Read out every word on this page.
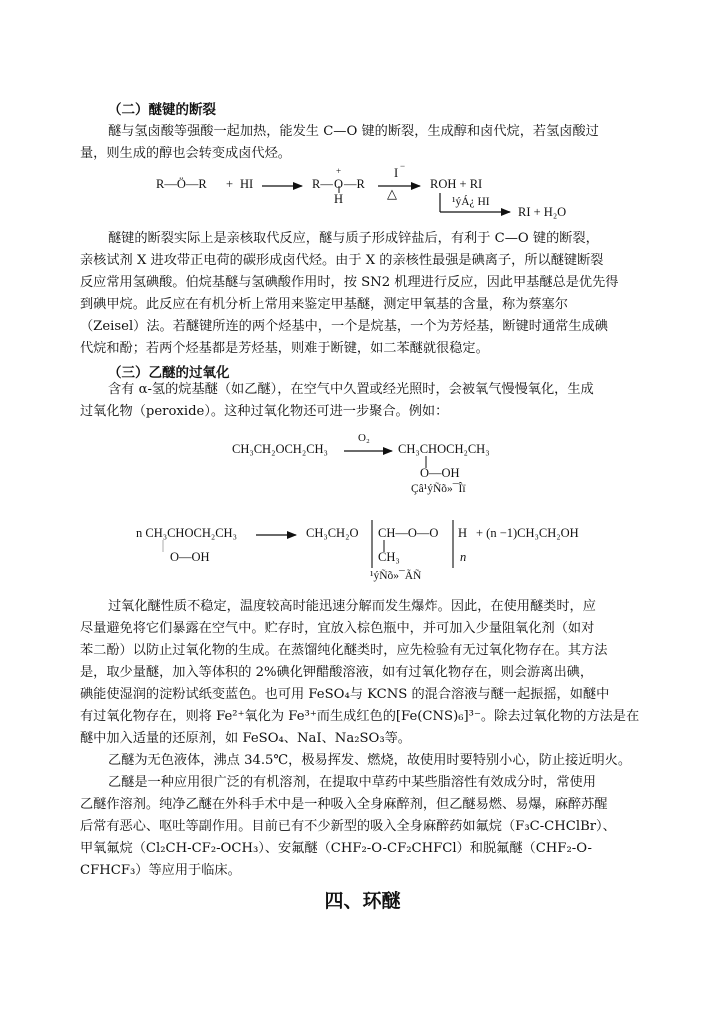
（二）醚键的断裂

醚与氢卤酸等强酸一起加热，能发生 C—O 键的断裂，生成醇和卤代烷，若氢卤酸过

量，则生成的醇也会转变成卤代烃。

R—Ö—R + HI	R— O —R
+
H
I −
△
ROH + RI
¹ýÁ¿ HI
RI + H₂O

醚键的断裂实际上是亲核取代反应，醚与质子形成锌盐后，有利于 C—O 键的断裂，

亲核试剂 X 进攻带正电荷的碳形成卤代烃。由于 X 的亲核性最强是碘离子，所以醚键断裂

反应常用氢碘酸。伯烷基醚与氢碘酸作用时，按 SN2 机理进行反应，因此甲基醚总是优先得

到碘甲烷。此反应在有机分析上常用来鉴定甲基醚，测定甲氧基的含量，称为蔡塞尔

（Zeisel）法。若醚键所连的两个烃基中，一个是烷基，一个为芳烃基，断键时通常生成碘

代烷和酚；若两个烃基都是芳烃基，则难于断键，如二苯醚就很稳定。

（三）乙醚的过氧化

含有 α-氢的烷基醚（如乙醚），在空气中久置或经光照时，会被氧气慢慢氧化，生成

过氧化物（peroxide）。这种过氧化物还可进一步聚合。例如：

CH₃CH₂OCH₂CH₃
O₂
CH₃CHOCH₂CH₃
O—OH
Çâ¹ýÑõ»¯Îï
n CH₃CHOCH₂CH₃
O—OH
CH₃CH₂O CH—O—O H
CH₃	n
+ (n −1)CH₃CH₂OH
¹ýÑõ»¯ÃÑ

过氧化醚性质不稳定，温度较高时能迅速分解而发生爆炸。因此，在使用醚类时，应

尽量避免将它们暴露在空气中。贮存时，宜放入棕色瓶中，并可加入少量阻氧化剂（如对

苯二酚）以防止过氧化物的生成。在蒸馏纯化醚类时，应先检验有无过氧化物存在。其方法

是，取少量醚，加入等体积的 2%碘化钾醋酸溶液，如有过氧化物存在，则会游离出碘，

碘能使湿润的淀粉试纸变蓝色。也可用 FeSO₄与 KCNS 的混合溶液与醚一起振摇，如醚中

有过氧化物存在，则将 Fe²⁺氧化为 Fe³⁺而生成红色的[Fe(CNS)₆]³⁻。除去过氧化物的方法是在

醚中加入适量的还原剂，如 FeSO₄、NaI、Na₂SO₃等。

乙醚为无色液体，沸点 34.5℃，极易挥发、燃烧，故使用时要特别小心，防止接近明火。

乙醚是一种应用很广泛的有机溶剂，在提取中草药中某些脂溶性有效成分时，常使用

乙醚作溶剂。纯净乙醚在外科手术中是一种吸入全身麻醉剂，但乙醚易燃、易爆，麻醉苏醒

后常有恶心、呕吐等副作用。目前已有不少新型的吸入全身麻醉药如氟烷（F₃C-CHClBr）、

甲氧氟烷（Cl₂CH-CF₂-OCH₃）、安氟醚（CHF₂-O-CF₂CHFCl）和脱氟醚（CHF₂-O-

CFHCF₃）等应用于临床。

四、环醚
